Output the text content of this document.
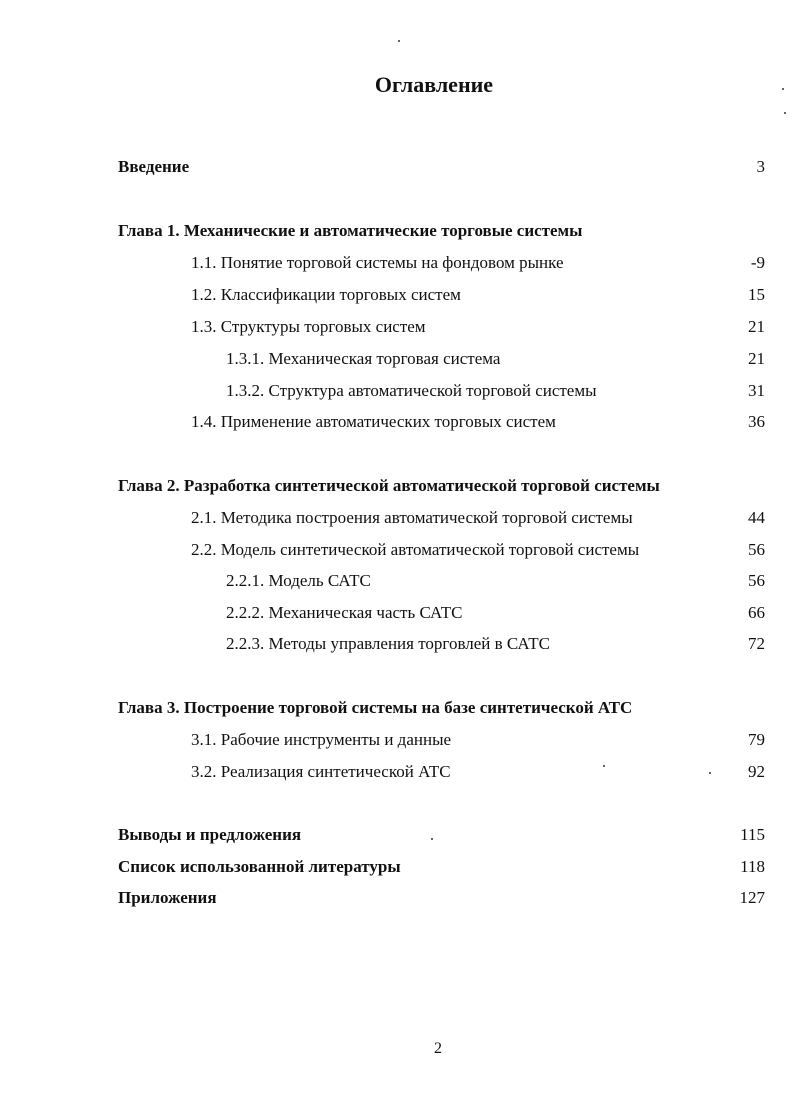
Оглавление
Введение	3
Глава 1. Механические и автоматические торговые системы
1.1. Понятие торговой системы на фондовом рынке	-9
1.2. Классификации торговых систем	15
1.3. Структуры торговых систем	21
1.3.1. Механическая торговая система	21
1.3.2. Структура автоматической торговой системы	31
1.4. Применение автоматических торговых систем	36
Глава 2. Разработка синтетической автоматической торговой системы
2.1. Методика построения автоматической торговой системы	44
2.2. Модель синтетической автоматической торговой системы	56
2.2.1. Модель САТС	56
2.2.2. Механическая часть САТС	66
2.2.3. Методы управления торговлей в САТС	72
Глава 3. Построение торговой системы на базе синтетической АТС
3.1. Рабочие инструменты и данные	79
3.2. Реализация синтетической АТС	92
Выводы и предложения	115
Список использованной литературы	118
Приложения	127
2
